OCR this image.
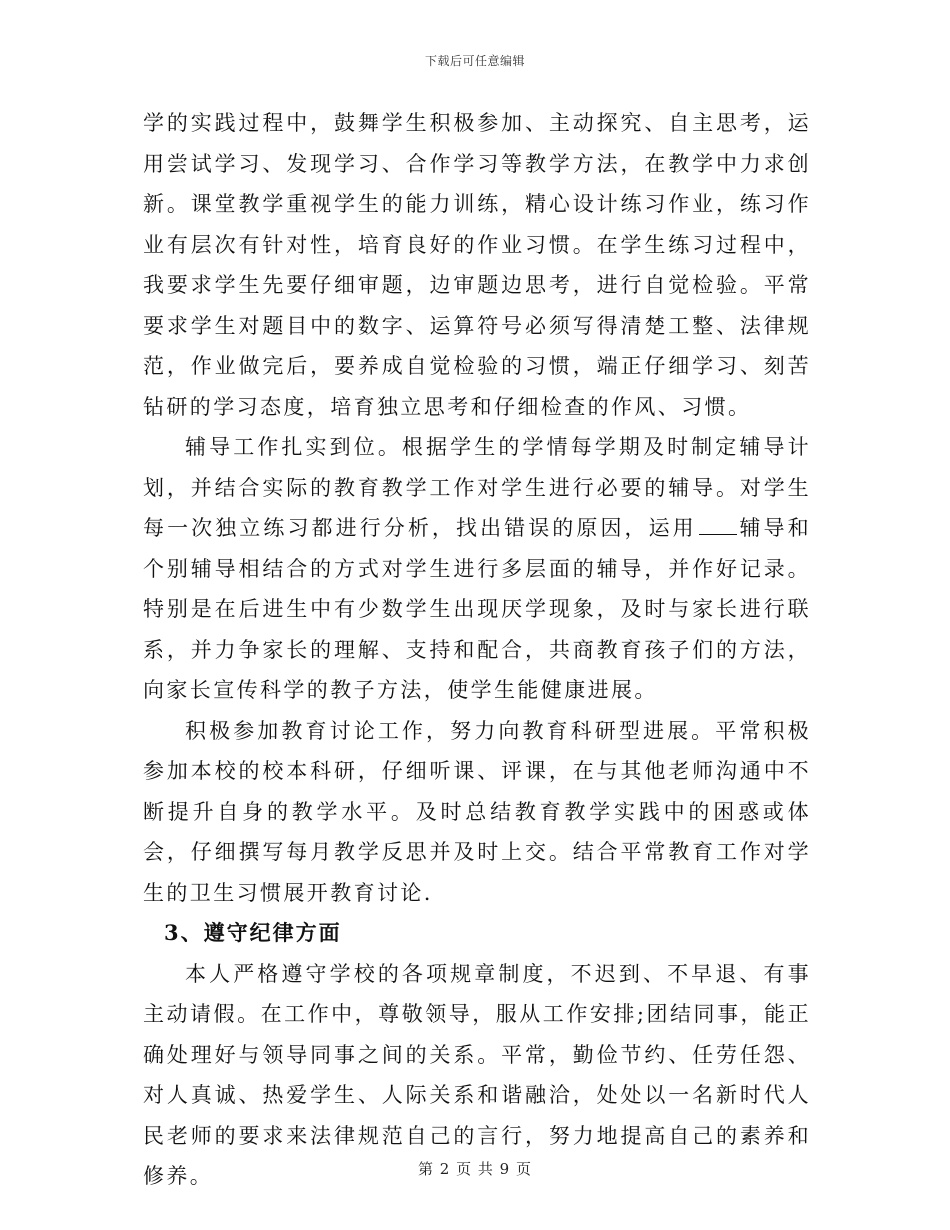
下载后可任意编辑

学的实践过程中，鼓舞学生积极参加、主动探究、自主思考，运用尝试学习、发现学习、合作学习等教学方法，在教学中力求创新。课堂教学重视学生的能力训练，精心设计练习作业，练习作业有层次有针对性，培育良好的作业习惯。在学生练习过程中，我要求学生先要仔细审题，边审题边思考，进行自觉检验。平常要求学生对题目中的数字、运算符号必须写得清楚工整、法律规范，作业做完后，要养成自觉检验的习惯，端正仔细学习、刻苦钻研的学习态度，培育独立思考和仔细检查的作风、习惯。

辅导工作扎实到位。根据学生的学情每学期及时制定辅导计划，并结合实际的教育教学工作对学生进行必要的辅导。对学生每一次独立练习都进行分析，找出错误的原因，运用 辅导和个别辅导相结合的方式对学生进行多层面的辅导，并作好记录。特别是在后进生中有少数学生出现厌学现象，及时与家长进行联系，并力争家长的理解、支持和配合，共商教育孩子们的方法，向家长宣传科学的教子方法，使学生能健康进展。

积极参加教育讨论工作，努力向教育科研型进展。平常积极参加本校的校本科研，仔细听课、评课，在与其他老师沟通中不断提升自身的教学水平。及时总结教育教学实践中的困惑或体会，仔细撰写每月教学反思并及时上交。结合平常教育工作对学生的卫生习惯展开教育讨论.

3、遵守纪律方面

本人严格遵守学校的各项规章制度，不迟到、不早退、有事主动请假。在工作中，尊敬领导，服从工作安排;团结同事，能正确处理好与领导同事之间的关系。平常，勤俭节约、任劳任怨、对人真诚、热爱学生、人际关系和谐融洽，处处以一名新时代人民老师的要求来法律规范自己的言行，努力地提高自己的素养和修养。	第 2 页 共 9 页
